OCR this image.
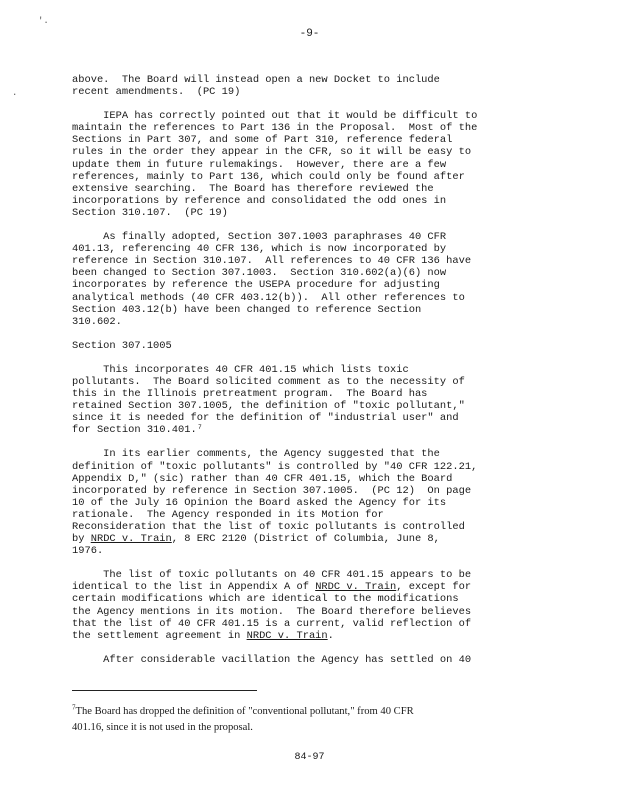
'.
.
-9-

above.  The Board will instead open a new Docket to include
recent amendments.  (PC 19)

IEPA has correctly pointed out that it would be difficult to
maintain the references to Part 136 in the Proposal.  Most of the
Sections in Part 307, and some of Part 310, reference federal
rules in the order they appear in the CFR, so it will be easy to
update them in future rulemakings.  However, there are a few
references, mainly to Part 136, which could only be found after
extensive searching.  The Board has therefore reviewed the
incorporations by reference and consolidated the odd ones in
Section 310.107.  (PC 19)

As finally adopted, Section 307.1003 paraphrases 40 CFR
401.13, referencing 40 CFR 136, which is now incorporated by
reference in Section 310.107.  All references to 40 CFR 136 have
been changed to Section 307.1003.  Section 310.602(a)(6) now
incorporates by reference the USEPA procedure for adjusting
analytical methods (40 CFR 403.12(b)).  All other references to
Section 403.12(b) have been changed to reference Section
310.602.

Section 307.1005

This incorporates 40 CFR 401.15 which lists toxic
pollutants.  The Board solicited comment as to the necessity of
this in the Illinois pretreatment program.  The Board has
retained Section 307.1005, the definition of "toxic pollutant,"
since it is needed for the definition of "industrial user" and
for Section 310.401.⁷

In its earlier comments, the Agency suggested that the
definition of "toxic pollutants" is controlled by "40 CFR 122.21,
Appendix D," (sic) rather than 40 CFR 401.15, which the Board
incorporated by reference in Section 307.1005.  (PC 12)  On page
10 of the July 16 Opinion the Board asked the Agency for its
rationale.  The Agency responded in its Motion for
Reconsideration that the list of toxic pollutants is controlled
by NRDC v. Train, 8 ERC 2120 (District of Columbia, June 8,
1976.

The list of toxic pollutants on 40 CFR 401.15 appears to be
identical to the list in Appendix A of NRDC v. Train, except for
certain modifications which are identical to the modifications
the Agency mentions in its motion.  The Board therefore believes
that the list of 40 CFR 401.15 is a current, valid reflection of
the settlement agreement in NRDC v. Train.

After considerable vacillation the Agency has settled on 40

$^7$The Board has dropped the definition of "conventional pollutant," from 40 CFR
401.16, since it is not used in the proposal.
84-97
